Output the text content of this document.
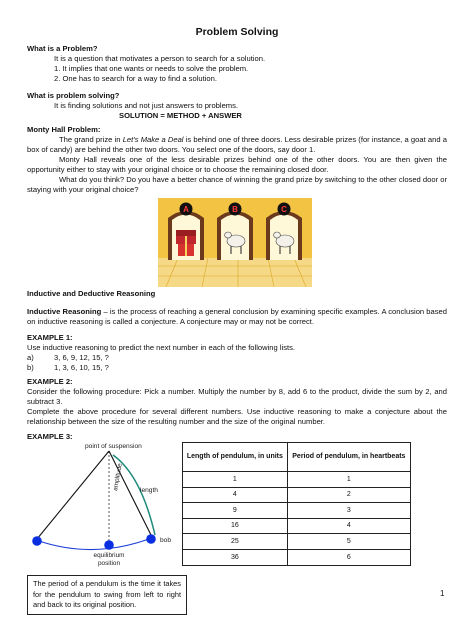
Problem Solving

What is a Problem?

It is a question that motivates a person to search for a solution.

1. It implies that one wants or needs to solve the problem.

2. One has to search for a way to find a solution.

What is problem solving?

It is finding solutions and not just answers to problems.

SOLUTION = METHOD + ANSWER

Monty Hall Problem:

The grand prize in Let's Make a Deal is behind one of three doors. Less desirable prizes (for instance, a goat and a box of candy) are behind the other two doors. You select one of the doors, say door 1.

Monty Hall reveals one of the less desirable prizes behind one of the other doors. You are then given the opportunity either to stay with your original choice or to choose the remaining closed door.

What do you think? Do you have a better chance of winning the grand prize by switching to the other closed door or staying with your original choice?

A	B	C

Inductive and Deductive Reasoning

Inductive Reasoning – is the process of reaching a general conclusion by examining specific examples. A conclusion based on inductive reasoning is called a conjecture. A conjecture may or may not be correct.

EXAMPLE 1:

Use inductive reasoning to predict the next number in each of the following lists.

a)	3, 6, 9, 12, 15, ?

b)	1, 3, 6, 10, 15, ?

EXAMPLE 2:

Consider the following procedure: Pick a number. Multiply the number by 8, add 6 to the product, divide the sum by 2, and subtract 3.

Complete the above procedure for several different numbers. Use inductive reasoning to make a conjecture about the relationship between the size of the resulting number and the size of the original number.

EXAMPLE 3:

point of suspension
amplitude length
bob
equilibrium
position
Length of pendulum, in units	Period of pendulum, in heartbeats
1	1
4	2
9	3
16	4
25	5
36	6
The period of a pendulum is the time it takes for the pendulum to swing from left to right and back to its original position.
1
